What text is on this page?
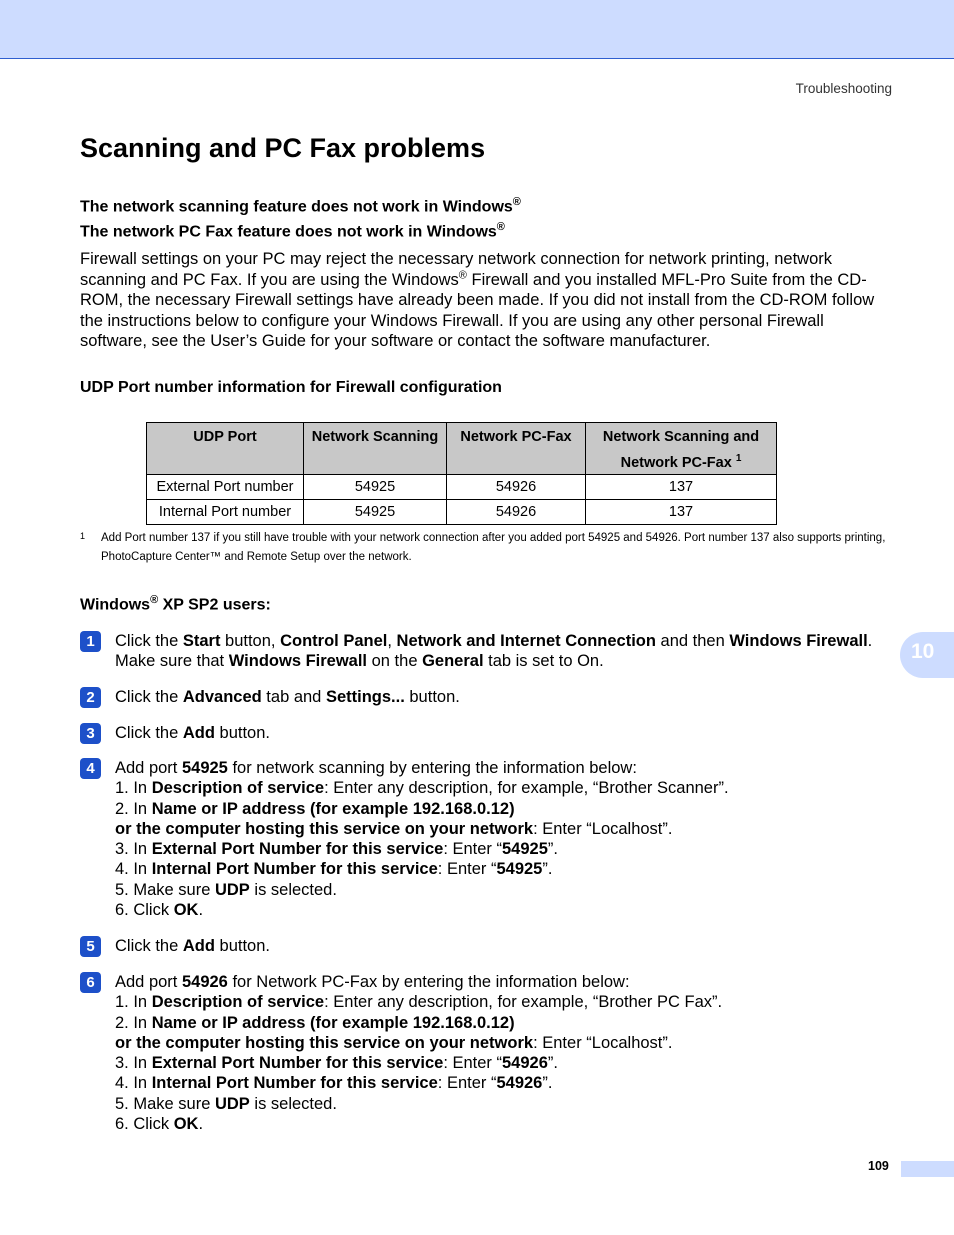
Troubleshooting
10
109
Scanning and PC Fax problems

The network scanning feature does not work in Windows®

The network PC Fax feature does not work in Windows®

Firewall settings on your PC may reject the necessary network connection for network printing, network scanning and PC Fax. If you are using the Windows® Firewall and you installed MFL-Pro Suite from the CD-ROM, the necessary Firewall settings have already been made. If you did not install from the CD-ROM follow the instructions below to configure your Windows Firewall. If you are using any other personal Firewall software, see the User’s Guide for your software or contact the software manufacturer.

UDP Port number information for Firewall configuration

UDP Port	Network Scanning	Network PC-Fax	Network Scanning and
Network PC-Fax $^1$
External Port number	54925	54926	137
Internal Port number	54925	54926	137
1 Add Port number 137 if you still have trouble with your network connection after you added port 54925 and 54926. Port number 137 also supports printing, PhotoCapture Center™ and Remote Setup over the network.

Windows® XP SP2 users:

1	Click the Start button, Control Panel, Network and Internet Connection and then Windows Firewall. Make sure that Windows Firewall on the General tab is set to On.
2	Click the Advanced tab and Settings... button.
3	Click the Add button.
4	Add port 54925 for network scanning by entering the information below:
1. In Description of service: Enter any description, for example, “Brother Scanner”.
2. In Name or IP address (for example 192.168.0.12)
or the computer hosting this service on your network: Enter “Localhost”.
3. In External Port Number for this service: Enter “54925”.
4. In Internal Port Number for this service: Enter “54925”.
5. Make sure UDP is selected.
6. Click OK.
5	Click the Add button.
6	Add port 54926 for Network PC-Fax by entering the information below:
1. In Description of service: Enter any description, for example, “Brother PC Fax”.
2. In Name or IP address (for example 192.168.0.12)
or the computer hosting this service on your network: Enter “Localhost”.
3. In External Port Number for this service: Enter “54926”.
4. In Internal Port Number for this service: Enter “54926”.
5. Make sure UDP is selected.
6. Click OK.
